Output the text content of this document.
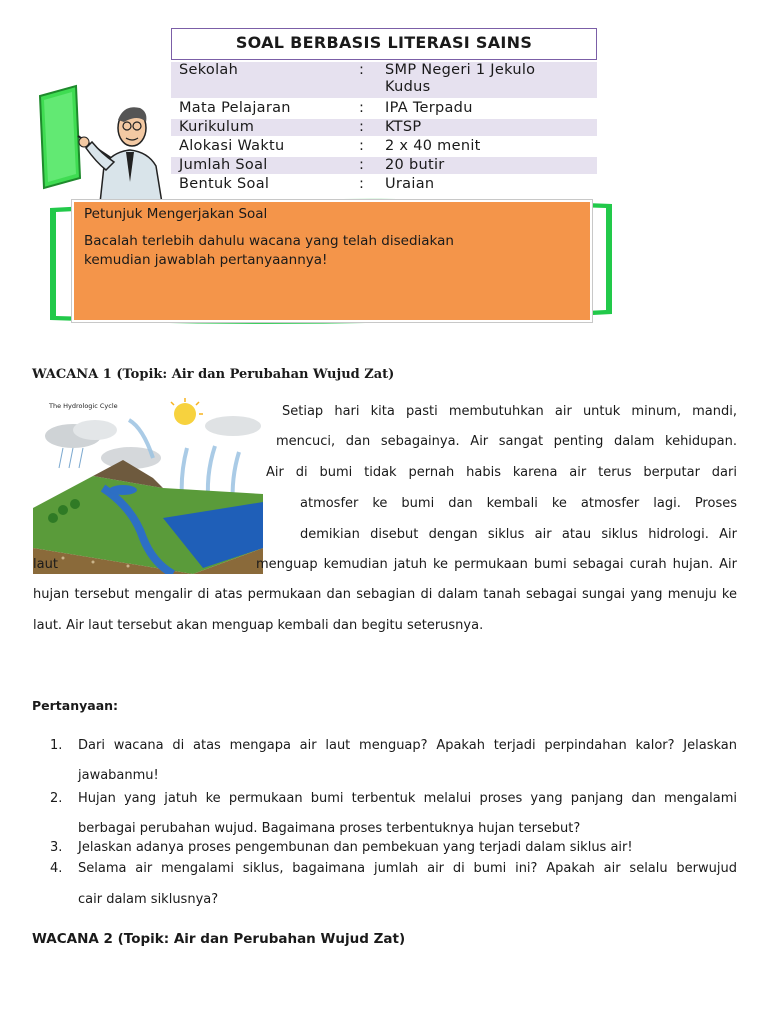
SOAL BERBASIS LITERASI SAINS
Sekolah	:	SMP Negeri 1 Jekulo
Kudus
Mata Pelajaran	:	IPA Terpadu
Kurikulum	:	KTSP
Alokasi Waktu	:	2 x 40 menit
Jumlah Soal	:	20 butir
Bentuk Soal	:	Uraian
Petunjuk Mengerjakan Soal
Bacalah terlebih dahulu wacana yang telah disediakan
kemudian jawablah pertanyaannya!
WACANA 1 (Topik: Air dan Perubahan Wujud Zat)
The Hydrologic Cycle	Setiap hari kita pasti membutuhkan air untuk minum, mandi,
mencuci, dan sebagainya. Air sangat penting dalam kehidupan.
Air di bumi tidak pernah habis karena air terus berputar dari
atmosfer ke bumi dan kembali ke atmosfer lagi. Proses
demikian disebut dengan siklus air atau siklus hidrologi. Air
laut	menguap kemudian jatuh ke permukaan bumi sebagai curah hujan. Air
hujan tersebut mengalir di atas permukaan dan sebagian di dalam tanah sebagai sungai yang menuju ke laut. Air laut tersebut akan menguap kembali dan begitu seterusnya.
Pertanyaan:
1. Dari wacana di atas mengapa air laut menguap? Apakah terjadi perpindahan kalor? Jelaskan
jawabanmu!
2. Hujan yang jatuh ke permukaan bumi terbentuk melalui proses yang panjang dan mengalami
berbagai perubahan wujud. Bagaimana proses terbentuknya hujan tersebut?
3. Jelaskan adanya proses pengembunan dan pembekuan yang terjadi dalam siklus air!
4. Selama air mengalami siklus, bagaimana jumlah air di bumi ini? Apakah air selalu berwujud
cair dalam siklusnya?
WACANA 2 (Topik: Air dan Perubahan Wujud Zat)
